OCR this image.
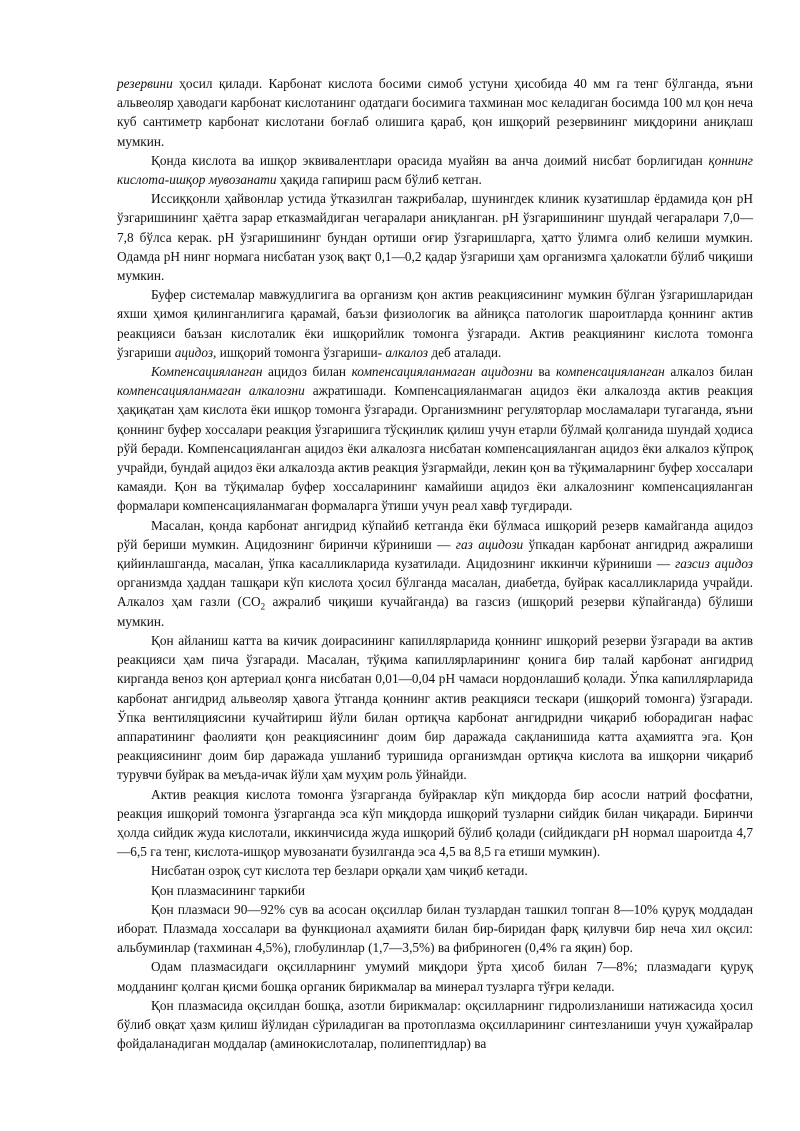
резервини ҳосил қилади. Карбонат кислота босими симоб устуни ҳисобида 40 мм га тенг бўлганда, яъни альвеоляр ҳаводаги карбонат кислотанинг одатдаги босимига тахминан мос келадиган босимда 100 мл қон неча куб сантиметр карбонат кислотани боғлаб олишига қараб, қон ишқорий резервининг миқдорини аниқлаш мумкин.

Қонда кислота ва ишқор эквивалентлари орасида муайян ва анча доимий нисбат борлигидан қоннинг кислота-ишқор мувозанати ҳақида гапириш расм бўлиб кетган.

Иссиққонли ҳайвонлар устида ўтказилган тажрибалар, шунингдек клиник кузатишлар ёрдамида қон pH ўзгаришининг ҳаётга зарар етказмайдиган чегаралари аниқланган. pH ўзгаришининг шундай чегаралари 7,0—7,8 бўлса керак. pH ўзгаришининг бундан ортиши оғир ўзгаришларга, ҳатто ўлимга олиб келиши мумкин. Одамда pH нинг нормага нисбатан узоқ вақт 0,1—0,2 қадар ўзгариши ҳам организмга ҳалокатли бўлиб чиқиши мумкин.

Буфер системалар мавжудлигига ва организм қон актив реакциясининг мумкин бўлган ўзгаришларидан яхши ҳимоя қилинганлигига қарамай, баъзи физиологик ва айниқса патологик шароитларда қоннинг актив реакцияси баъзан кислоталик ёки ишқорийлик томонга ўзгаради. Актив реакциянинг кислота томонга ўзгариши ацидоз, ишқорий томонга ўзгариши- алкалоз деб аталади.

Компенсацияланган ацидоз билан компенсацияланмаган ацидозни ва компенсацияланган алкалоз билан компенсацияланмаган алкалозни ажратишади. Компенсацияланмаган ацидоз ёки алкалозда актив реакция ҳақиқатан ҳам кислота ёки ишқор томонга ўзгаради. Организмнинг регуляторлар мосламалари тугаганда, яъни қоннинг буфер хоссалари реакция ўзгаришига тўсқинлик қилиш учун етарли бўлмай қолганида шундай ҳодиса рўй беради. Компенсацияланган ацидоз ёки алкалозга нисбатан компенсацияланган ацидоз ёки алкалоз кўпроқ учрайди, бундай ацидоз ёки алкалозда актив реакция ўзгармайди, лекин қон ва тўқималарнинг буфер хоссалари камаяди. Қон ва тўқималар буфер хоссаларининг камайиши ацидоз ёки алкалознинг компенсацияланган формалари компенсацияланмаган формаларга ўтиши учун реал хавф туғдиради.

Масалан, қонда карбонат ангидрид кўпайиб кетганда ёки бўлмаса ишқорий резерв камайганда ацидоз рўй бериши мумкин. Ацидознинг биринчи кўриниши — газ ацидози ўпкадан карбонат ангидрид ажралиши қийинлашганда, масалан, ўпка касалликларида кузатилади. Ацидознинг иккинчи кўриниши — газсиз ацидоз организмда ҳаддан ташқари кўп кислота ҳосил бўлганда масалан, диабетда, буйрак касалликларида учрайди. Алкалоз ҳам газли ($CO_2$ ажралиб чиқиши кучайганда) ва газсиз (ишқорий резерви кўпайганда) бўлиши мумкин.

Қон айланиш катта ва кичик доирасининг капиллярларида қоннинг ишқорий резерви ўзгаради ва актив реакцияси ҳам пича ўзгаради. Масалан, тўқима капиллярларининг қонига бир талай карбонат ангидрид кирганда веноз қон артериал қонга нисбатан 0,01—0,04 pH чамаси нордонлашиб қолади. Ўпка капиллярларида карбонат ангидрид альвеоляр ҳавога ўтганда қоннинг актив реакцияси тескари (ишқорий томонга) ўзгаради. Ўпка вентиляциясини кучайтириш йўли билан ортиқча карбонат ангидридни чиқариб юборадиган нафас аппаратининг фаолияти қон реакциясининг доим бир даражада сақланишида катта аҳамиятга эга. Қон реакциясининг доим бир даражада ушланиб туришида организмдан ортиқча кислота ва ишқорни чиқариб турувчи буйрак ва меъда-ичак йўли ҳам муҳим роль ўйнайди.

Актив реакция кислота томонга ўзгарганда буйраклар кўп миқдорда бир асосли натрий фосфатни, реакция ишқорий томонга ўзгарганда эса кўп миқдорда ишқорий тузларни сийдик билан чиқаради. Биринчи ҳолда сийдик жуда кислотали, иккинчисида жуда ишқорий бўлиб қолади (сийдикдаги pH нормал шароитда 4,7—6,5 га тенг, кислота-ишқор мувозанати бузилганда эса 4,5 ва 8,5 га етиши мумкин).

Нисбатан озроқ сут кислота тер безлари орқали ҳам чиқиб кетади.

Қон плазмасининг таркиби

Қон плазмаси 90—92% сув ва асосан оқсиллар билан тузлардан ташкил топган 8—10% қуруқ моддадан иборат. Плазмада хоссалари ва функционал аҳамияти билан бир-биридан фарқ қилувчи бир неча хил оқсил: альбуминлар (тахминан 4,5%), глобулинлар (1,7—3,5%) ва фибриноген (0,4% га яқин) бор.

Одам плазмасидаги оқсилларнинг умумий миқдори ўрта ҳисоб билан 7—8%; плазмадаги қуруқ модданинг қолган қисми бошқа органик бирикмалар ва минерал тузларга тўғри келади.

Қон плазмасида оқсилдан бошқа, азотли бирикмалар: оқсилларнинг гидролизланиши натижасида ҳосил бўлиб овқат ҳазм қилиш йўлидан сўриладиган ва протоплазма оқсилларининг синтезланиши учун ҳужайралар фойдаланадиган моддалар (аминокислоталар, полипептидлар) ва
